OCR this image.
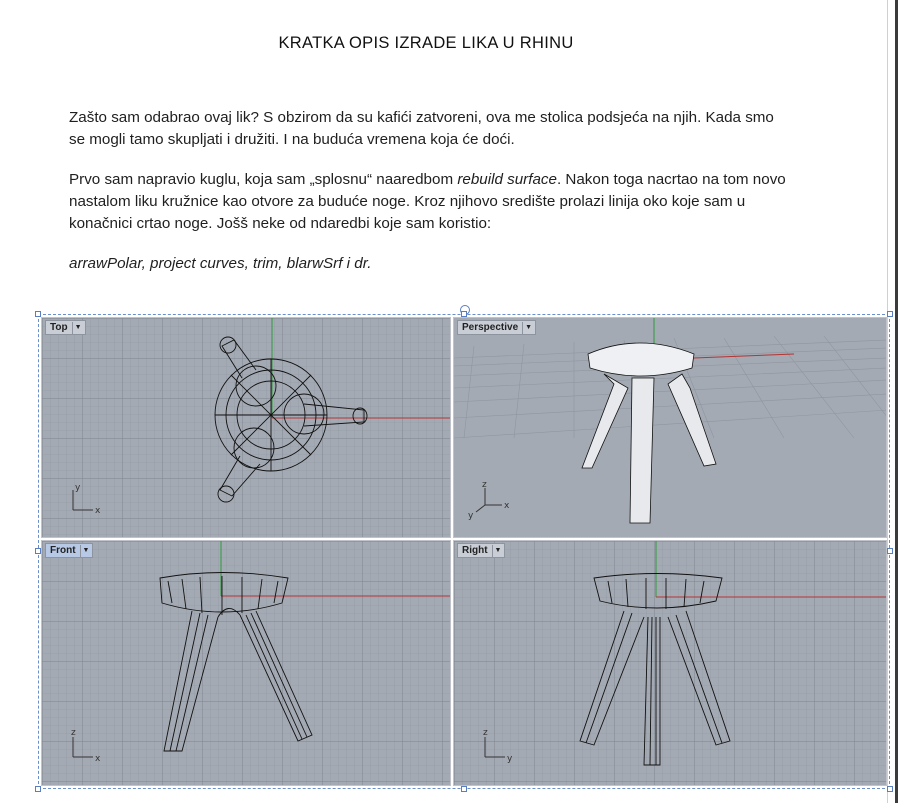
KRATKA OPIS IZRADE LIKA U RHINU
Zašto sam odabrao ovaj lik? S obzirom da su kafići zatvoreni, ova me stolica podsjeća na njih. Kada smo se mogli tamo skupljati i družiti. I na buduća vremena koja će doći.
Prvo sam napravio kuglu, koja sam „splosnu“ naaredbom rebuild surface. Nakon toga nacrtao na tom novo nastalom liku kružnice kao otvore za buduće noge. Kroz njihovo središte prolazi linija oko koje sam u konačnici crtao noge. Jošš neke od ndaredbi koje sam koristio:
arrawPolar, project curves, trim, blarwSrf i dr.
y
x
Top	▼
z
x
y
Perspective	▼
z
x
Front	▼
z
y
Right	▼
